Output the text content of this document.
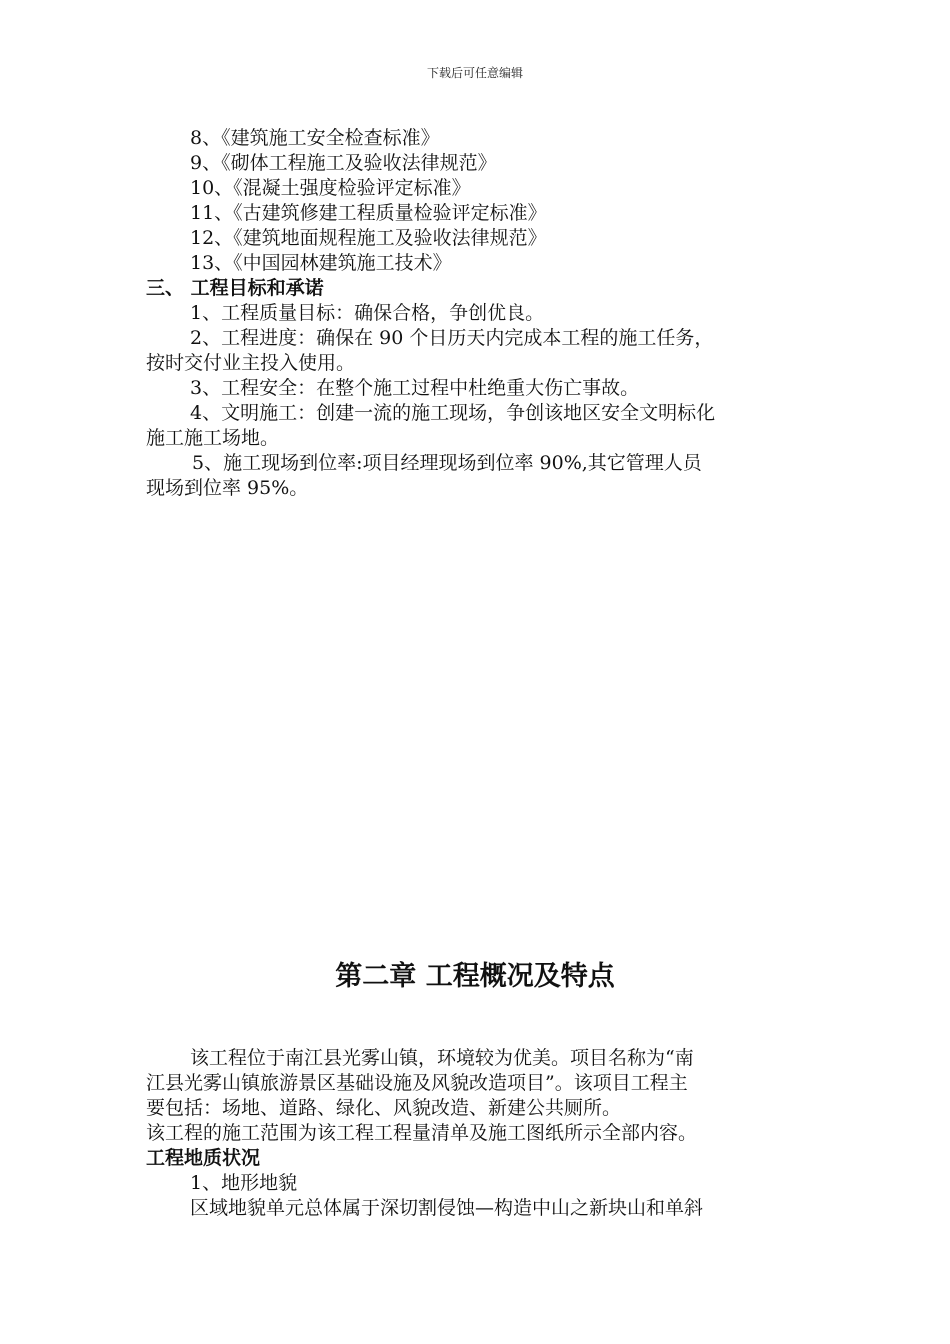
下载后可任意编辑
8、《建筑施工安全检查标准》
9、《砌体工程施工及验收法律规范》
10、《混凝土强度检验评定标准》
11、《古建筑修建工程质量检验评定标准》
12、《建筑地面规程施工及验收法律规范》
13、《中国园林建筑施工技术》
三、 工程目标和承诺
1、工程质量目标：确保合格，争创优良。
2、工程进度：确保在 90 个日历天内完成本工程的施工任务，
按时交付业主投入使用。
3、工程安全：在整个施工过程中杜绝重大伤亡事故。
4、文明施工：创建一流的施工现场，争创该地区安全文明标化
施工施工场地。
5、施工现场到位率:项目经理现场到位率 90%,其它管理人员
现场到位率 95%。
第二章 工程概况及特点
该工程位于南江县光雾山镇，环境较为优美。项目名称为“南
江县光雾山镇旅游景区基础设施及风貌改造项目”。该项目工程主
要包括：场地、道路、绿化、风貌改造、新建公共厕所。
该工程的施工范围为该工程工程量清单及施工图纸所示全部内容。
工程地质状况
1、地形地貌
区域地貌单元总体属于深切割侵蚀—构造中山之新块山和单斜
